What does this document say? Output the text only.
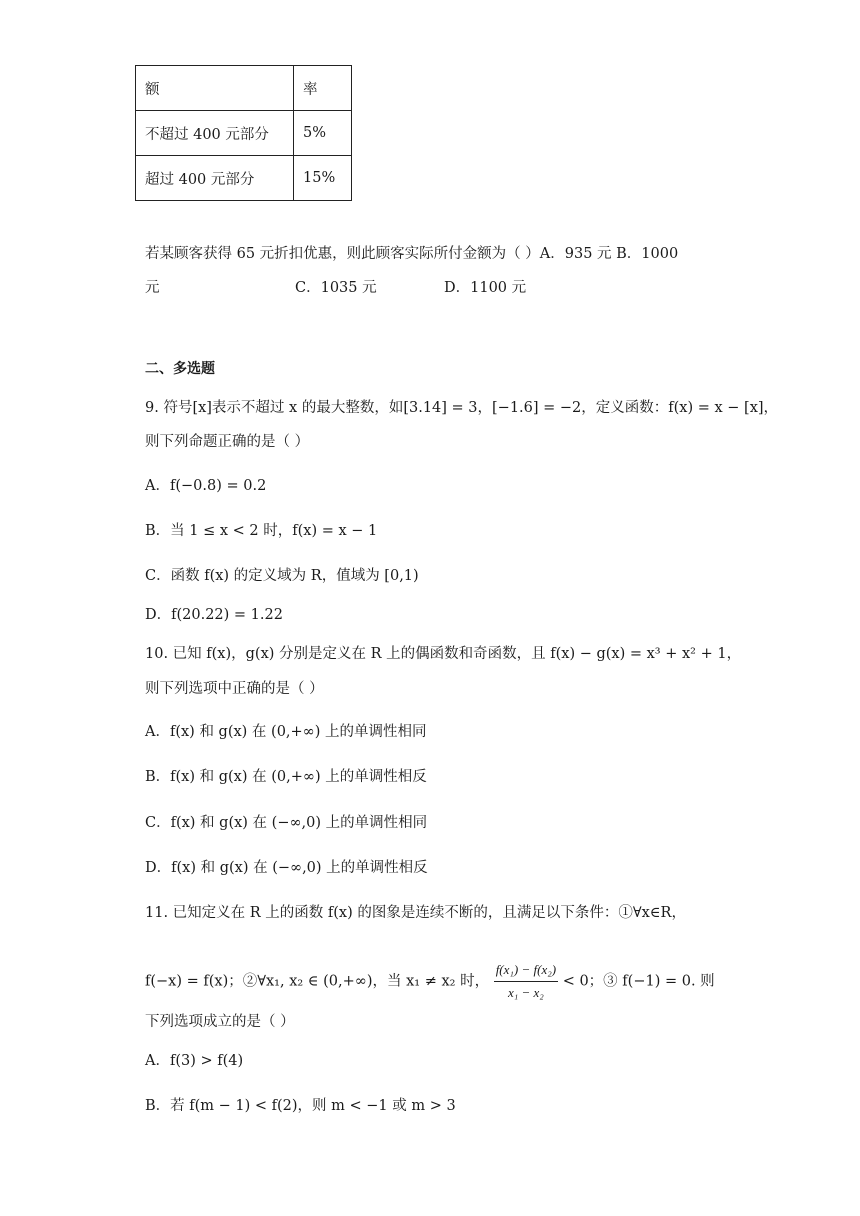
额	率
不超过 400 元部分	5%
超过 400 元部分	15%
若某顾客获得 65 元折扣优惠，则此顾客实际所付金额为（ ）A．935 元 B．1000
元	C．1035 元	D．1100 元
二、多选题
9. 符号[x]表示不超过 x 的最大整数，如[3.14] = 3，[−1.6] = −2，定义函数：f(x) = x − [x]，
则下列命题正确的是（ ）
A．f(−0.8) = 0.2
B．当 1 ≤ x < 2 时，f(x) = x − 1
C．函数 f(x) 的定义域为 R，值域为 [0,1)
D．f(20.22) = 1.22
10. 已知 f(x)，g(x) 分别是定义在 R 上的偶函数和奇函数，且 f(x) − g(x) = x³ + x² + 1，
则下列选项中正确的是（ ）
A．f(x) 和 g(x) 在 (0,+∞) 上的单调性相同
B．f(x) 和 g(x) 在 (0,+∞) 上的单调性相反
C．f(x) 和 g(x) 在 (−∞,0) 上的单调性相同
D．f(x) 和 g(x) 在 (−∞,0) 上的单调性相反
11. 已知定义在 R 上的函数 f(x) 的图象是连续不断的，且满足以下条件：①∀x∈R，
f(−x) = f(x)；②∀x₁, x₂ ∈ (0,+∞)，当 x₁ ≠ x₂ 时， $\frac{\text{f(x₁) − f(x₂)}}{\text{x₁ − x₂}} < 0$；③ f(−1) = 0. 则
下列选项成立的是（ ）
A．f(3) > f(4)
B．若 f(m − 1) < f(2)，则 m < −1 或 m > 3
